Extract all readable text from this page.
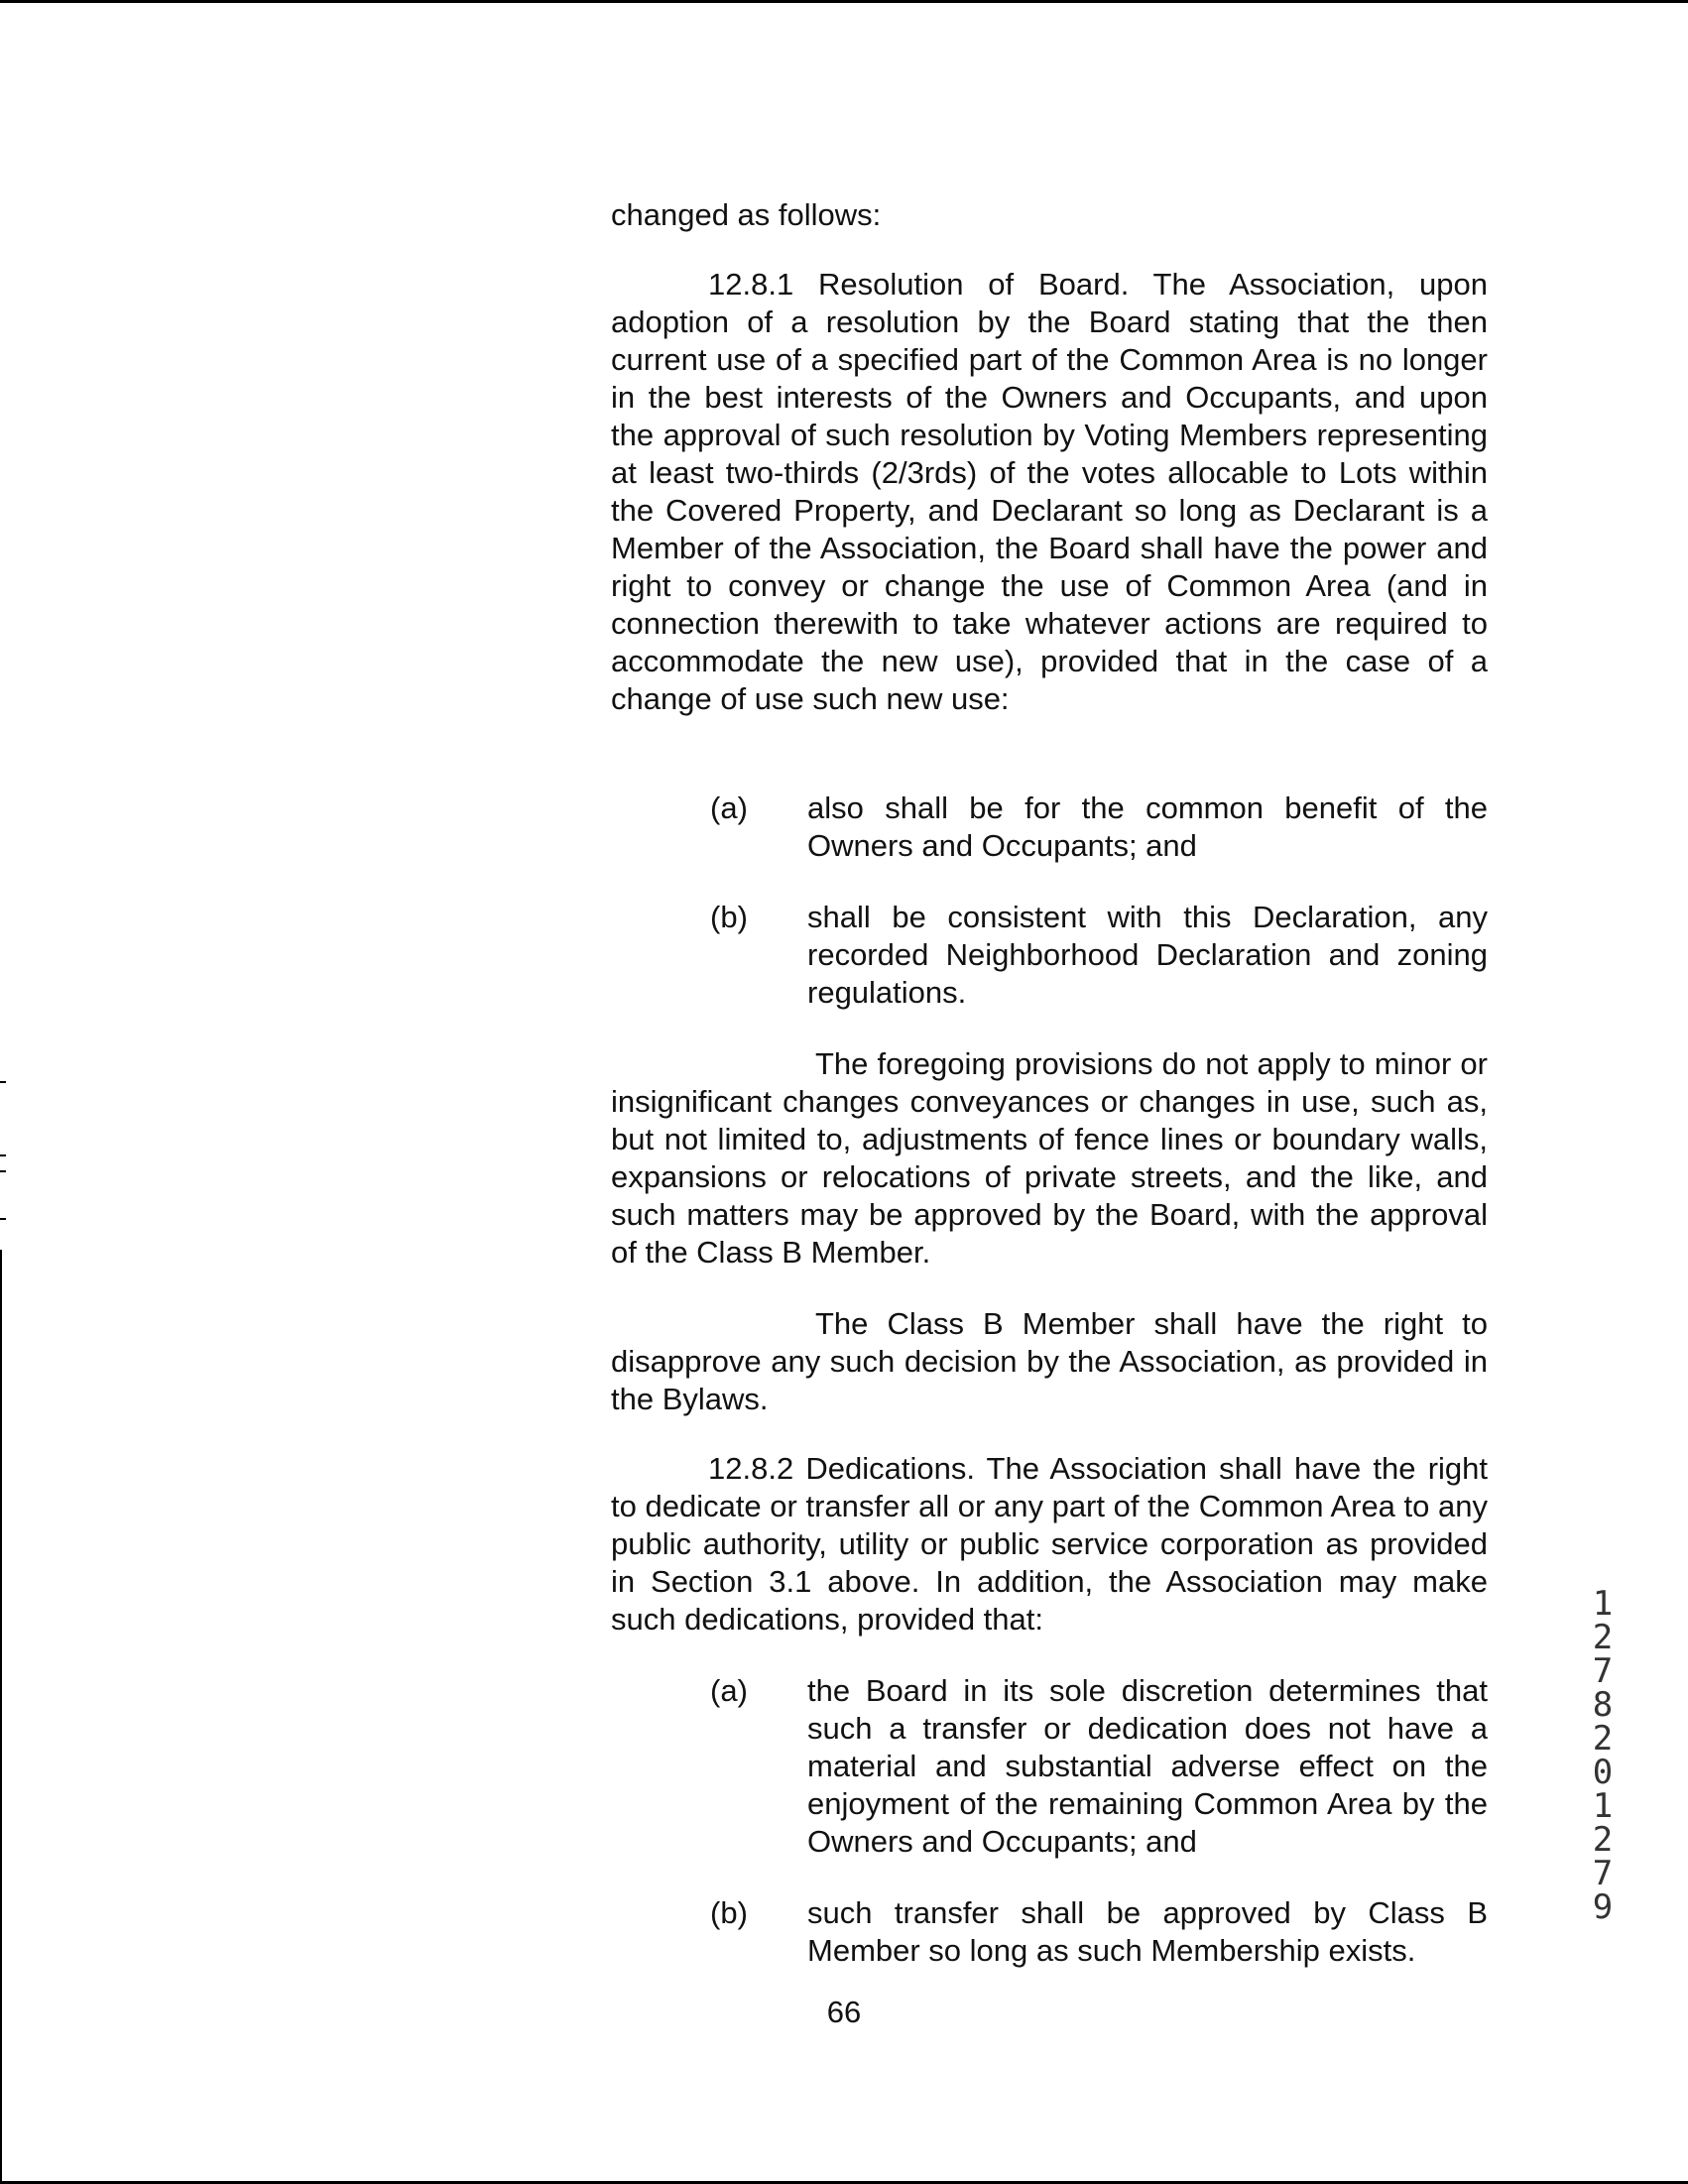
changed as follows:

12.8.1 Resolution of Board. The Association, upon adoption of a resolution by the Board stating that the then current use of a specified part of the Common Area is no longer in the best interests of the Owners and Occupants, and upon the approval of such resolution by Voting Members representing at least two-thirds (2/3rds) of the votes allocable to Lots within the Covered Property, and Declarant so long as Declarant is a Member of the Association, the Board shall have the power and right to convey or change the use of Common Area (and in connection therewith to take whatever actions are required to accommodate the new use), provided that in the case of a change of use such new use:

(a) also shall be for the common benefit of the Owners and Occupants; and
(b) shall be consistent with this Declaration, any recorded Neighborhood Declaration and zoning regulations.

The foregoing provisions do not apply to minor or insignificant changes conveyances or changes in use, such as, but not limited to, adjustments of fence lines or boundary walls, expansions or relocations of private streets, and the like, and such matters may be approved by the Board, with the approval of the Class B Member.

The Class B Member shall have the right to disapprove any such decision by the Association, as provided in the Bylaws.

12.8.2 Dedications. The Association shall have the right to dedicate or transfer all or any part of the Common Area to any public authority, utility or public service corporation as provided in Section 3.1 above. In addition, the Association may make such dedications, provided that:

(a) the Board in its sole discretion determines that such a transfer or dedication does not have a material and substantial adverse effect on the enjoyment of the remaining Common Area by the Owners and Occupants; and
(b) such transfer shall be approved by Class B Member so long as such Membership exists.
66
12782 01279
